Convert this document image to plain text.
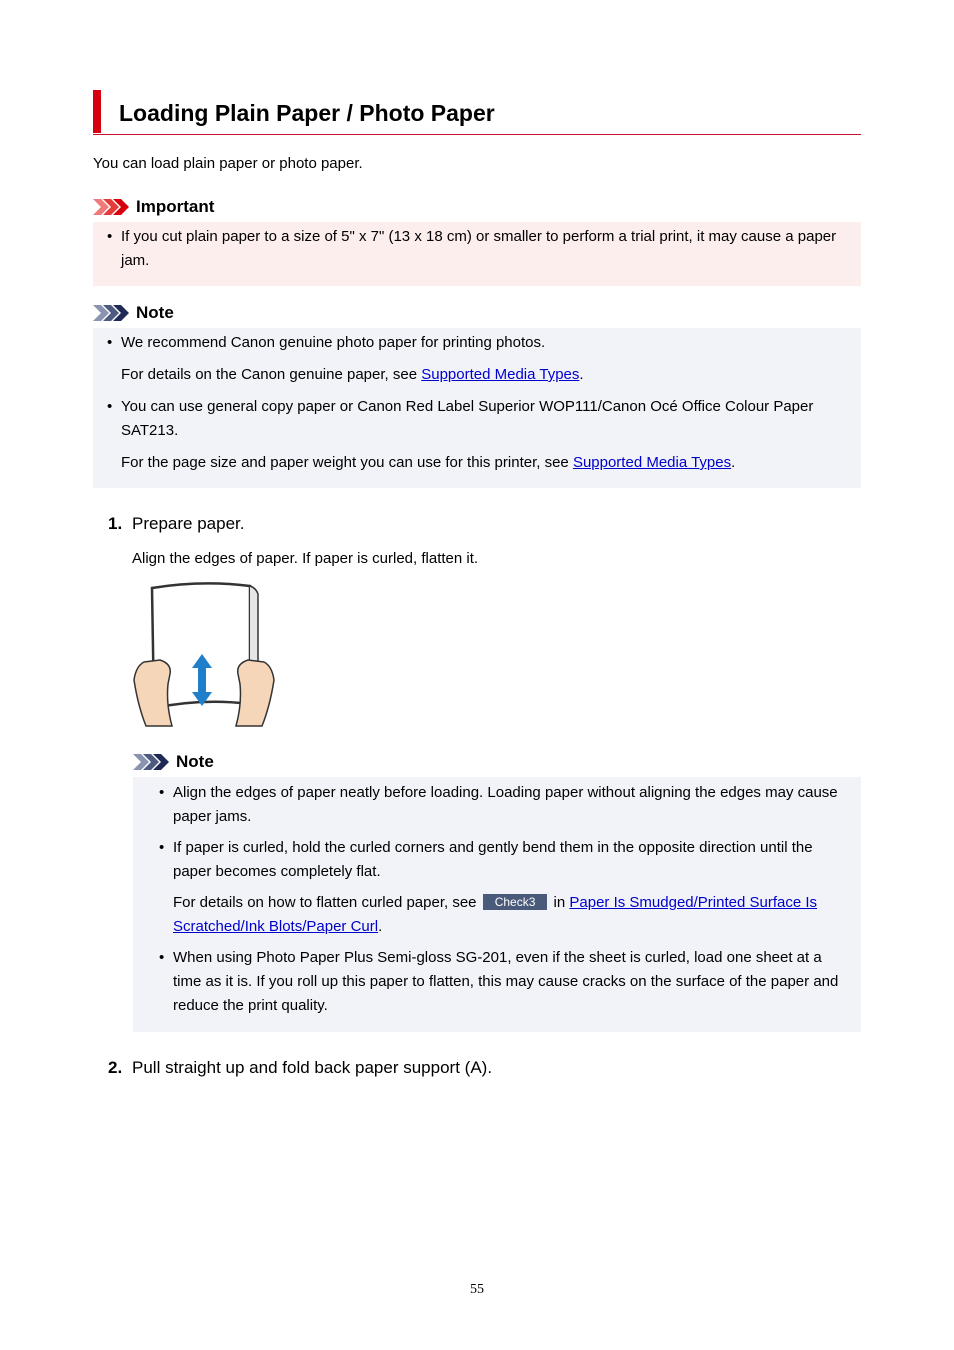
Loading Plain Paper / Photo Paper
You can load plain paper or photo paper.
Important
• If you cut plain paper to a size of 5" x 7" (13 x 18 cm) or smaller to perform a trial print, it may cause a paper jam.

Note
• We recommend Canon genuine photo paper for printing photos.

For details on the Canon genuine paper, see Supported Media Types.

• You can use general copy paper or Canon Red Label Superior WOP111/Canon Océ Office Colour Paper SAT213.

For the page size and paper weight you can use for this printer, see Supported Media Types.

1. Prepare paper.
Align the edges of paper. If paper is curled, flatten it.
Note
• Align the edges of paper neatly before loading. Loading paper without aligning the edges may cause paper jams.

• If paper is curled, hold the curled corners and gently bend them in the opposite direction until the paper becomes completely flat.

For details on how to flatten curled paper, see Check3 in Paper Is Smudged/Printed Surface Is Scratched/Ink Blots/Paper Curl.

• When using Photo Paper Plus Semi-gloss SG-201, even if the sheet is curled, load one sheet at a time as it is. If you roll up this paper to flatten, this may cause cracks on the surface of the paper and reduce the print quality.

2. Pull straight up and fold back paper support (A).
55
